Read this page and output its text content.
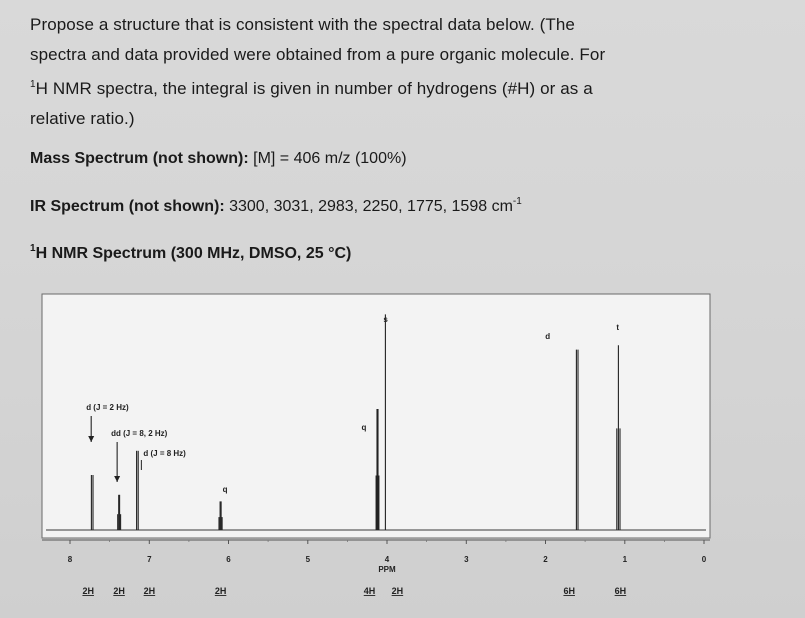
Propose a structure that is consistent with the spectral data below. (The

spectra and data provided were obtained from a pure organic molecule. For

$^1$H NMR spectra, the integral is given in number of hydrogens (#H) or as a

relative ratio.)

Mass Spectrum (not shown): [M] = 406 m/z (100%)
IR Spectrum (not shown): 3300, 3031, 2983, 2250, 1775, 1598 $cm^{-1}$
$^1$H NMR Spectrum (300 MHz, DMSO, 25 °C)
d (J = 2 Hz)
dd (J = 8, 2 Hz)
d (J = 8 Hz)
q
q
s
d
t
8	7	6	5	4	3	2	1	0
PPM
2H 2H 2H	2H	4H 2H	6H	6H
